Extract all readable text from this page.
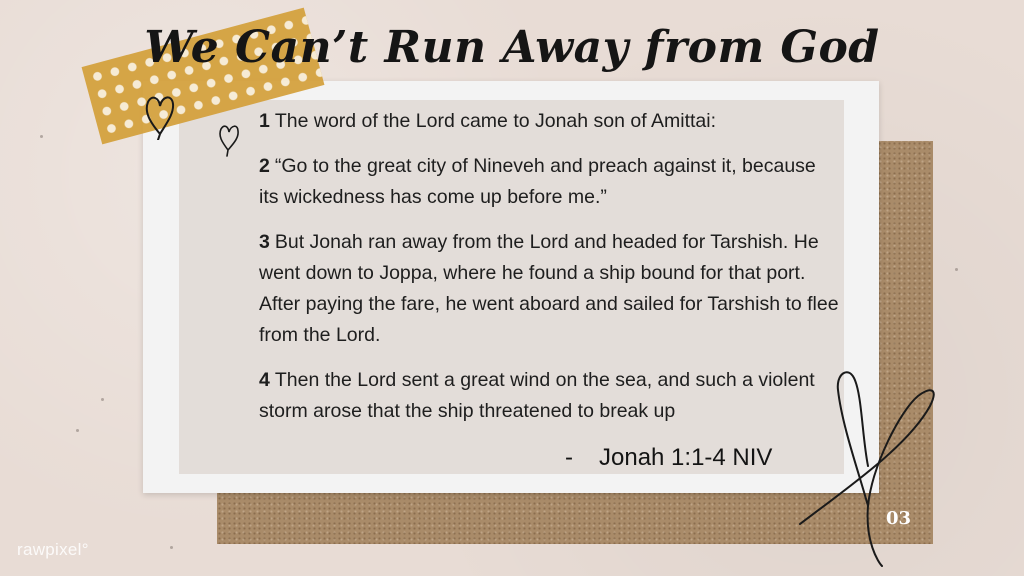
We Can’t Run Away from God

1 The word of the Lord came to Jonah son of Amittai:

2 “Go to the great city of Nineveh and preach against it, because its wickedness has come up before me.”

3 But Jonah ran away from the Lord and headed for Tarshish. He went down to Joppa, where he found a ship bound for that port. After paying the fare, he went aboard and sailed for Tarshish to flee from the Lord.

4 Then the Lord sent a great wind on the sea, and such a violent storm arose that the ship threatened to break up

- Jonah 1:1-4 NIV
03
rawpixel°
